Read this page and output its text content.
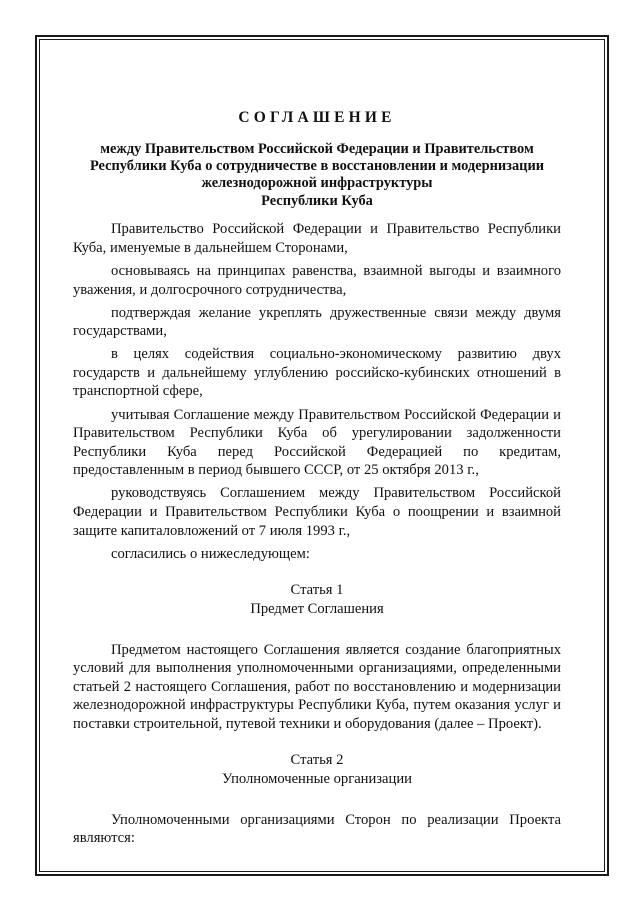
СОГЛАШЕНИЕ
между Правительством Российской Федерации и Правительством
Республики Куба о сотрудничестве в восстановлении и модернизации
железнодорожной инфраструктуры
Республики Куба
Правительство Российской Федерации и Правительство Республики Куба, именуемые в дальнейшем Сторонами,
основываясь на принципах равенства, взаимной выгоды и взаимного уважения, и долгосрочного сотрудничества,
подтверждая желание укреплять дружественные связи между двумя государствами,
в целях содействия социально-экономическому развитию двух государств и дальнейшему углублению российско-кубинских отношений в транспортной сфере,
учитывая Соглашение между Правительством Российской Федерации и Правительством Республики Куба об урегулировании задолженности Республики Куба перед Российской Федерацией по кредитам, предоставленным в период бывшего СССР, от 25 октября 2013 г.,
руководствуясь Соглашением между Правительством Российской Федерации и Правительством Республики Куба о поощрении и взаимной защите капиталовложений от 7 июля 1993 г.,
согласились о нижеследующем:
Статья 1
Предмет Соглашения
Предметом настоящего Соглашения является создание благоприятных условий для выполнения уполномоченными организациями, определенными статьей 2 настоящего Соглашения, работ по восстановлению и модернизации железнодорожной инфраструктуры Республики Куба, путем оказания услуг и поставки строительной, путевой техники и оборудования (далее – Проект).
Статья 2
Уполномоченные организации
Уполномоченными организациями Сторон по реализации Проекта являются:
